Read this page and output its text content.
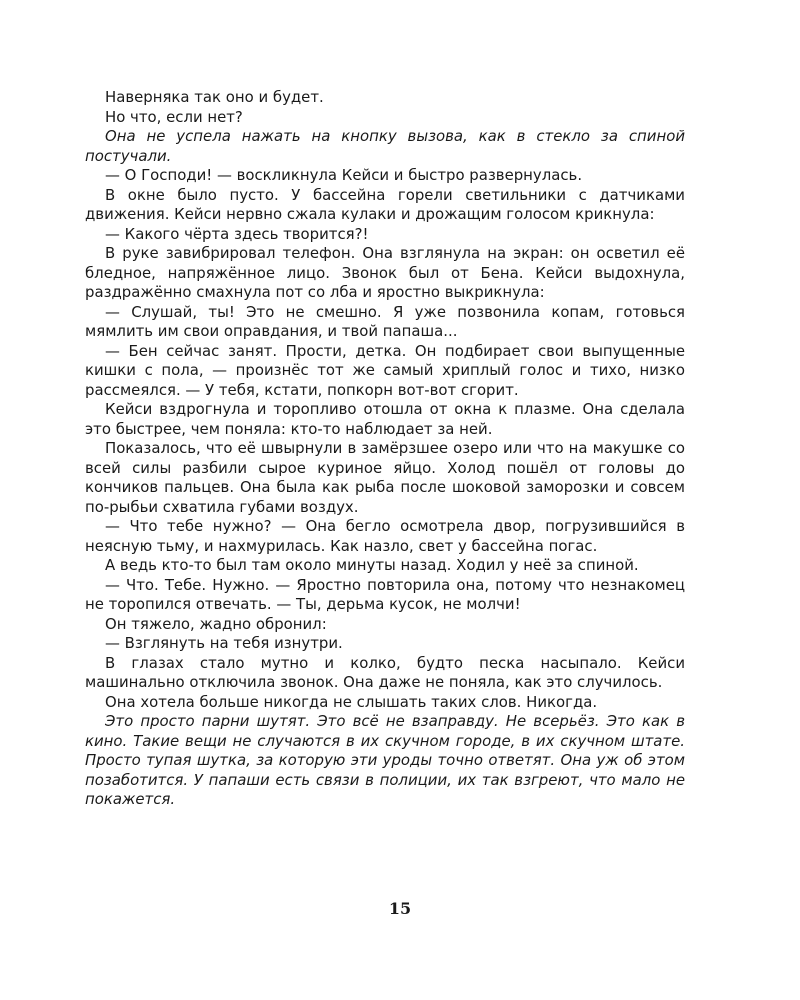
Наверняка так оно и будет.

Но что, если нет?

Она не успела нажать на кнопку вызова, как в стекло за спиной постучали.

— О Господи! — воскликнула Кейси и быстро развернулась.

В окне было пусто. У бассейна горели светильники с датчиками движения. Кейси нервно сжала кулаки и дрожащим голосом крикнула:

— Какого чёрта здесь творится?!

В руке завибрировал телефон. Она взглянула на экран: он осветил её бледное, напряжённое лицо. Звонок был от Бена. Кейси выдохнула, раздражённо смахнула пот со лба и яростно выкрикнула:

— Слушай, ты! Это не смешно. Я уже позвонила копам, готовься мямлить им свои оправдания, и твой папаша...

— Бен сейчас занят. Прости, детка. Он подбирает свои выпущенные кишки с пола, — произнёс тот же самый хриплый голос и тихо, низко рассмеялся. — У тебя, кстати, попкорн вот-вот сгорит.

Кейси вздрогнула и торопливо отошла от окна к плазме. Она сделала это быстрее, чем поняла: кто-то наблюдает за ней.

Показалось, что её швырнули в замёрзшее озеро или что на макушке со всей силы разбили сырое куриное яйцо. Холод пошёл от головы до кончиков пальцев. Она была как рыба после шоковой заморозки и совсем по-рыбьи схватила губами воздух.

— Что тебе нужно? — Она бегло осмотрела двор, погрузившийся в неясную тьму, и нахмурилась. Как назло, свет у бассейна погас.

А ведь кто-то был там около минуты назад. Ходил у неё за спиной.

— Что. Тебе. Нужно. — Яростно повторила она, потому что незнакомец не торопился отвечать. — Ты, дерьма кусок, не молчи!

Он тяжело, жадно обронил:

— Взглянуть на тебя изнутри.

В глазах стало мутно и колко, будто песка насыпало. Кейси машинально отключила звонок. Она даже не поняла, как это случилось.

Она хотела больше никогда не слышать таких слов. Никогда.

Это просто парни шутят. Это всё не взаправду. Не всерьёз. Это как в кино. Такие вещи не случаются в их скучном городе, в их скучном штате. Просто тупая шутка, за которую эти уроды точно ответят. Она уж об этом позаботится. У папаши есть связи в полиции, их так взгреют, что мало не покажется.

15
